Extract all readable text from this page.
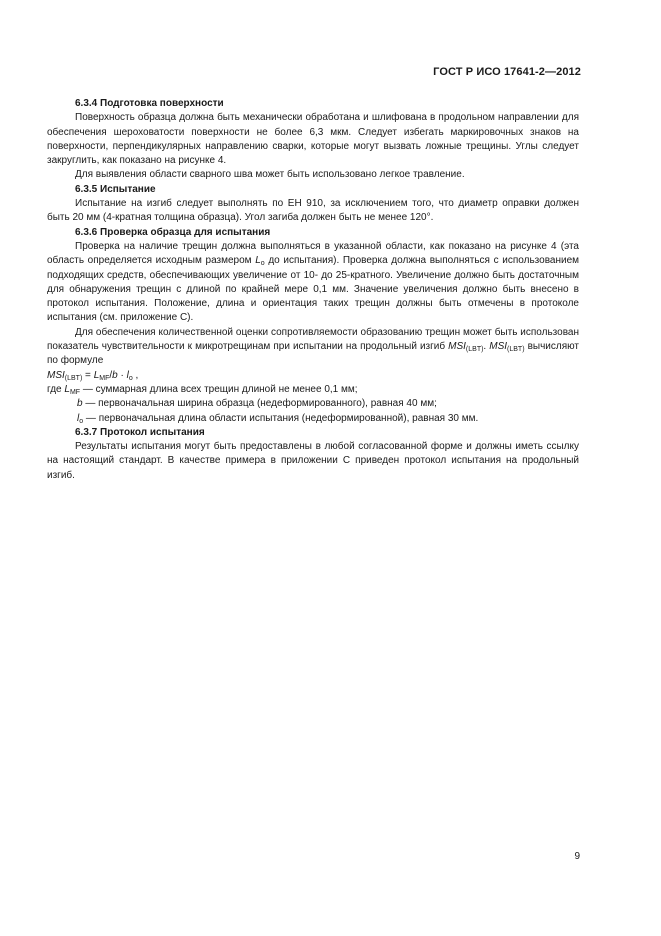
ГОСТ Р ИСО 17641-2—2012

6.3.4 Подготовка поверхности

Поверхность образца должна быть механически обработана и шлифована в продольном направлении для обеспечения шероховатости поверхности не более 6,3 мкм. Следует избегать маркировочных знаков на поверхности, перпендикулярных направлению сварки, которые могут вызвать ложные трещины. Углы следует закруглить, как показано на рисунке 4.

Для выявления области сварного шва может быть использовано легкое травление.

6.3.5 Испытание

Испытание на изгиб следует выполнять по ЕН 910, за исключением того, что диаметр оправки должен быть 20 мм (4-кратная толщина образца). Угол загиба должен быть не менее 120°.

6.3.6 Проверка образца для испытания

Проверка на наличие трещин должна выполняться в указанной области, как показано на рисунке 4 (эта область определяется исходным размером $L_o$ до испытания). Проверка должна выполняться с использованием подходящих средств, обеспечивающих увеличение от 10- до 25-кратного. Увеличение должно быть достаточным для обнаружения трещин с длиной по крайней мере 0,1 мм. Значение увеличения должно быть внесено в протокол испытания. Положение, длина и ориентация таких трещин должны быть отмечены в протоколе испытания (см. приложение С).

Для обеспечения количественной оценки сопротивляемости образованию трещин может быть использован показатель чувствительности к микротрещинам при испытании на продольный изгиб $MSI_{(LBT)}$. $MSI_{(LBT)}$ вычисляют по формуле

$MSI_{(LBT)} = L_{MF}/b \cdot l_o$ ,

где $L_{MF}$ — суммарная длина всех трещин длиной не менее 0,1 мм;

b — первоначальная ширина образца (недеформированного), равная 40 мм;

$l_o$ — первоначальная длина области испытания (недеформированной), равная 30 мм.

6.3.7 Протокол испытания

Результаты испытания могут быть предоставлены в любой согласованной форме и должны иметь ссылку на настоящий стандарт. В качестве примера в приложении С приведен протокол испытания на продольный изгиб.

9
